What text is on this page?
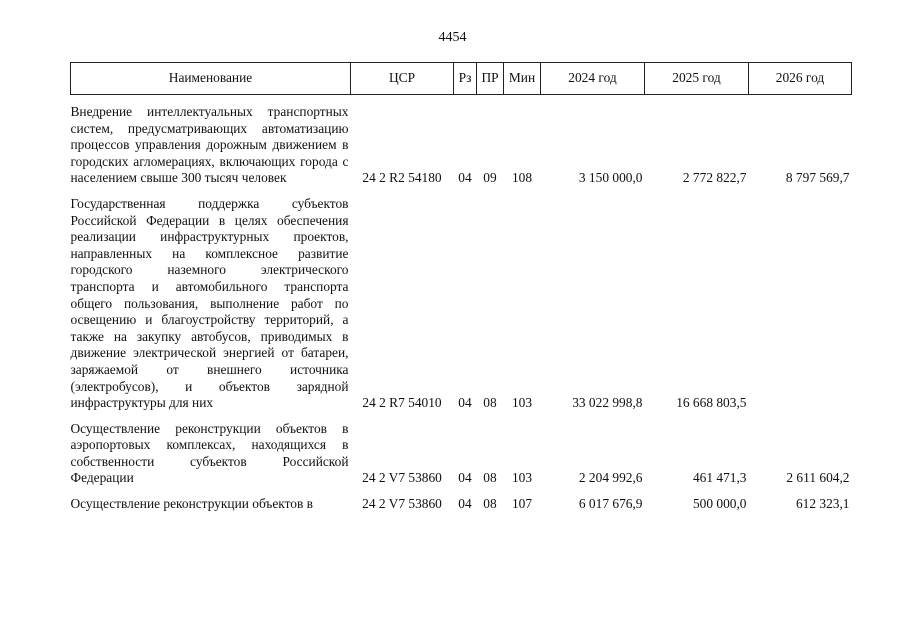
4454
Наименование	ЦСР	Рз	ПР	Мин	2024 год	2025 год	2026 год
Внедрение интеллектуальных транспортных систем, предусматривающих автоматизацию процессов управления дорожным движением в городских агломерациях, включающих города с населением свыше 300 тысяч человек	24 2 R2 54180	04	09	108	3 150 000,0	2 772 822,7	8 797 569,7
Государственная поддержка субъектов Российской Федерации в целях обеспечения реализации инфраструктурных проектов, направленных на комплексное развитие городского наземного электрического транспорта и автомобильного транспорта общего пользования, выполнение работ по освещению и благоустройству территорий, а также на закупку автобусов, приводимых в движение электрической энергией от батареи, заряжаемой от внешнего источника (электробусов), и объектов зарядной инфраструктуры для них	24 2 R7 54010	04	08	103	33 022 998,8	16 668 803,5	
Осуществление реконструкции объектов в аэропортовых комплексах, находящихся в собственности субъектов Российской Федерации	24 2 V7 53860	04	08	103	2 204 992,6	461 471,3	2 611 604,2
Осуществление реконструкции объектов в	24 2 V7 53860	04	08	107	6 017 676,9	500 000,0	612 323,1
